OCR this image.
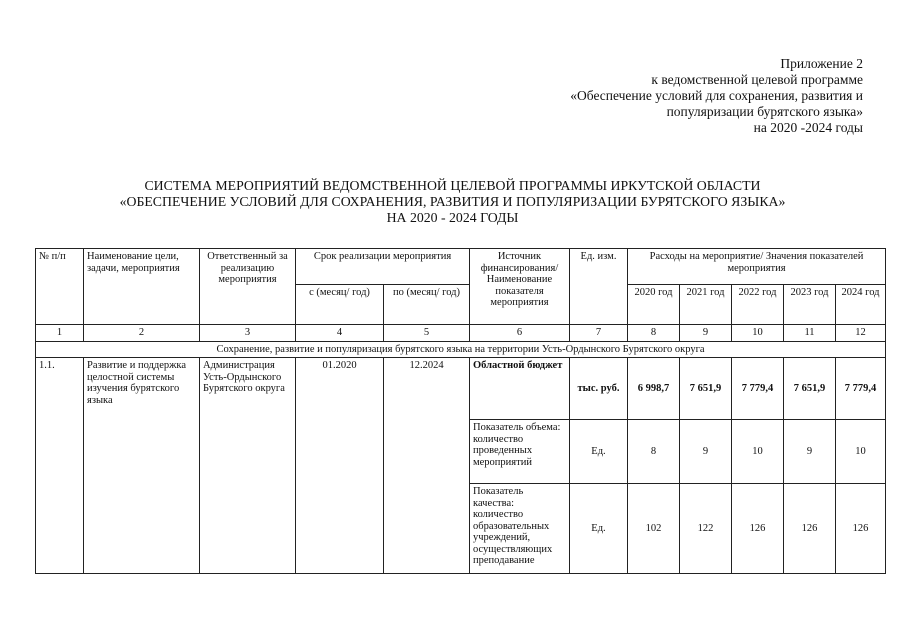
Приложение 2
к ведомственной целевой программе
«Обеспечение условий для сохранения, развития и
популяризации бурятского языка»
на 2020 -2024 годы
СИСТЕМА МЕРОПРИЯТИЙ ВЕДОМСТВЕННОЙ ЦЕЛЕВОЙ ПРОГРАММЫ ИРКУТСКОЙ ОБЛАСТИ
«ОБЕСПЕЧЕНИЕ УСЛОВИЙ ДЛЯ СОХРАНЕНИЯ, РАЗВИТИЯ И ПОПУЛЯРИЗАЦИИ БУРЯТСКОГО ЯЗЫКА»
НА 2020 - 2024 ГОДЫ
№ п/п	Наименование цели, задачи, мероприятия	Ответственный за реализацию мероприятия	Срок реализации мероприятия		Источник финансирования/ Наименование показателя мероприятия	Ед. изм.	Расходы на мероприятие/ Значения показателей мероприятия				
			с (месяц/ год)	по (месяц/ год)			2020 год	2021 год	2022 год	2023 год	2024 год
1	2	3	4	5	6	7	8	9	10	11	12
Сохранение, развитие и популяризация бурятского языка на территории Усть-Ордынского Бурятского округа											
1.1.	Развитие и поддержка целостной системы изучения бурятского языка	Администрация Усть-Ордынского Бурятского округа	01.2020	12.2024	Областной бюджет	тыс. руб.	6 998,7	7 651,9	7 779,4	7 651,9	7 779,4
					Показатель объема: количество проведенных мероприятий	Ед.	8	9	10	9	10
					Показатель качества: количество образовательных учреждений, осуществляющих преподавание	Ед.	102	122	126	126	126
